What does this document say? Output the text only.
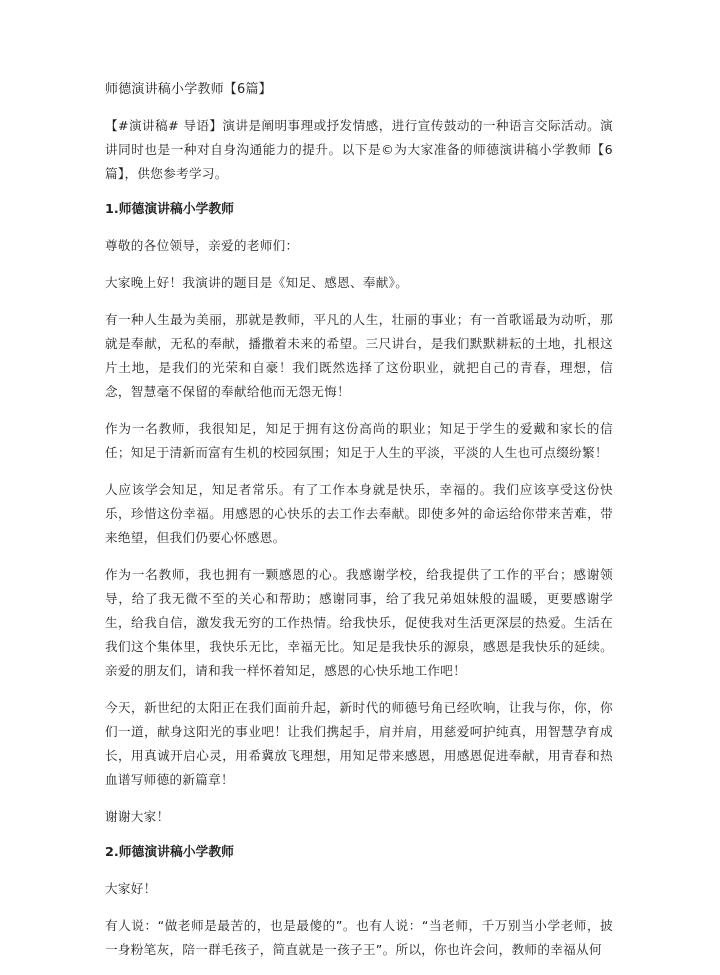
师德演讲稿小学教师【6篇】

【#演讲稿# 导语】演讲是阐明事理或抒发情感，进行宣传鼓动的一种语言交际活动。演讲同时也是一种对自身沟通能力的提升。以下是©为大家准备的师德演讲稿小学教师【6篇】，供您参考学习。

1.师德演讲稿小学教师

尊敬的各位领导，亲爱的老师们：

大家晚上好！我演讲的题目是《知足、感恩、奉献》。

有一种人生最为美丽，那就是教师，平凡的人生，壮丽的事业；有一首歌谣最为动听，那就是奉献，无私的奉献，播撒着未来的希望。三尺讲台，是我们默默耕耘的土地，扎根这片土地，是我们的光荣和自豪！我们既然选择了这份职业，就把自己的青春，理想，信念，智慧毫不保留的奉献给他而无怨无悔！

作为一名教师，我很知足，知足于拥有这份高尚的职业；知足于学生的爱戴和家长的信任；知足于清新而富有生机的校园氛围；知足于人生的平淡，平淡的人生也可点缀纷繁！

人应该学会知足，知足者常乐。有了工作本身就是快乐，幸福的。我们应该享受这份快乐，珍惜这份幸福。用感恩的心快乐的去工作去奉献。即使多舛的命运给你带来苦难，带来绝望，但我们仍要心怀感恩。

作为一名教师，我也拥有一颗感恩的心。我感谢学校，给我提供了工作的平台；感谢领导，给了我无微不至的关心和帮助；感谢同事，给了我兄弟姐妹般的温暖，更要感谢学生，给我自信，激发我无穷的工作热情。给我快乐，促使我对生活更深层的热爱。生活在我们这个集体里，我快乐无比，幸福无比。知足是我快乐的源泉，感恩是我快乐的延续。亲爱的朋友们，请和我一样怀着知足，感恩的心快乐地工作吧！

今天，新世纪的太阳正在我们面前升起，新时代的师德号角已经吹响，让我与你，你，你们一道，献身这阳光的事业吧！让我们携起手，肩并肩，用慈爱呵护纯真，用智慧孕育成长，用真诚开启心灵，用希冀放飞理想，用知足带来感恩，用感恩促进奉献，用青春和热血谱写师德的新篇章！

谢谢大家！

2.师德演讲稿小学教师

大家好！

有人说：“做老师是最苦的，也是最傻的”。也有人说：“当老师，千万别当小学老师，披一身粉笔灰，陪一群毛孩子，简直就是一孩子王”。所以，你也许会问，教师的幸福从何
